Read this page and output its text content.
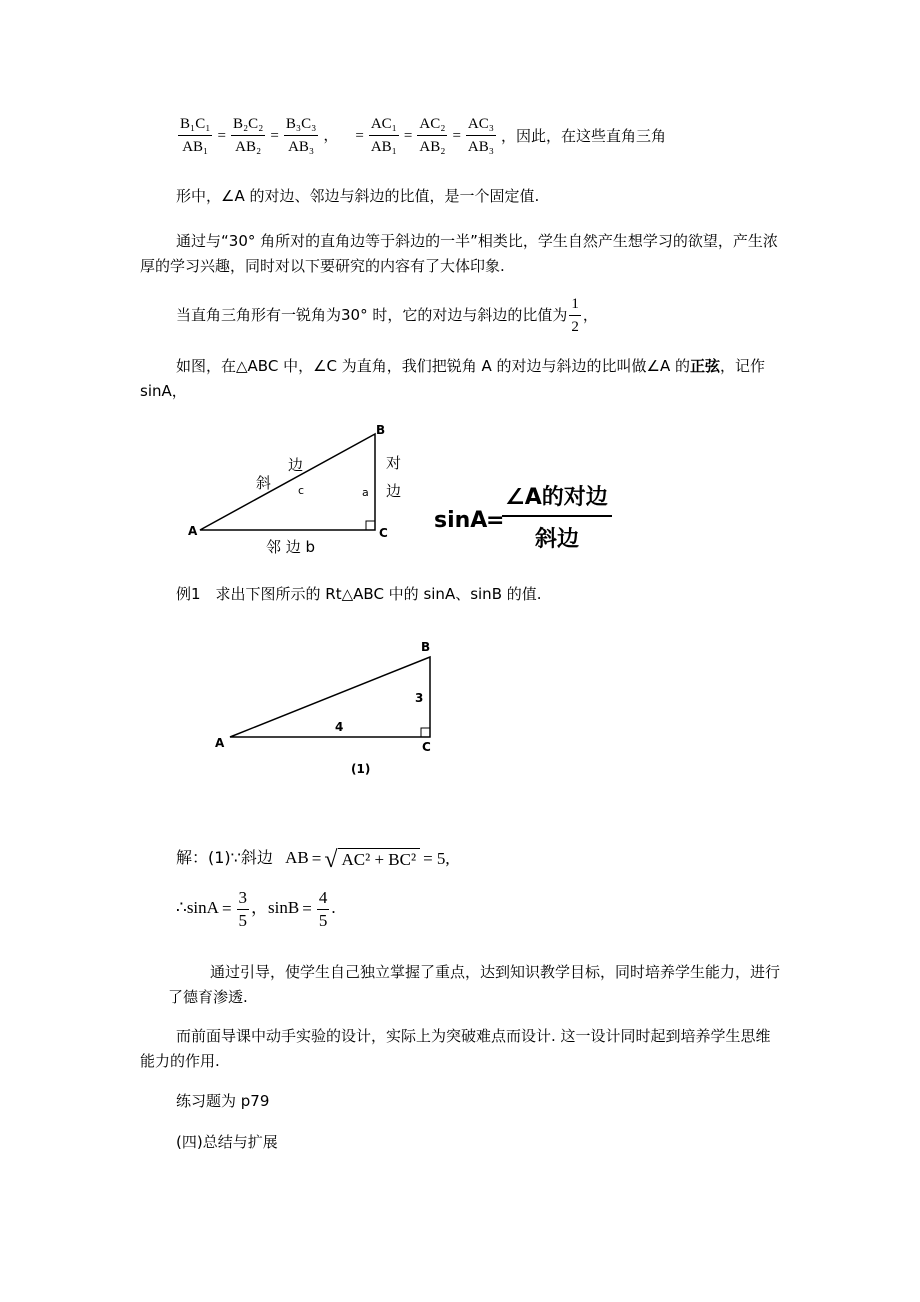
$\frac{\text{B₁C₁}}{\text{AB₁}} = \frac{\text{B₂C₂}}{\text{AB₂}} = \frac{\text{B₃C₃}}{\text{AB₃}}$ ， = $\frac{\text{AC₁}}{\text{AB₁}} = \frac{\text{AC₂}}{\text{AB₂}} = \frac{\text{AC₃}}{\text{AB₃}}$ ，因此，在这些直角三角

形中，∠A 的对边、邻边与斜边的比值，是一个固定值.

通过与“30° 角所对的直角边等于斜边的一半”相类比，学生自然产生想学习的欲望，产生浓厚的学习兴趣，同时对以下要研究的内容有了大体印象.

当直角三角形有一锐角为30° 时，它的对边与斜边的比值为 $\frac{1}{2}$ ，

如图，在△ABC 中，∠C 为直角，我们把锐角 A 的对边与斜边的比叫做∠A 的正弦，记作 sinA，

A
B
C
斜
边
c
对
边
a
邻 边 b
sinA
=
∠A的对边
斜边

例1　求出下图所示的 Rt△ABC 中的 sinA、sinB 的值.

A
B
C
4
3
(1)
解：(1)∵斜边 AB = √ AC² + BC² = 5,
∴sinA = $\frac{3}{5}$ ，$\sin B = \frac{4}{5}$ .

通过引导，使学生自己独立掌握了重点，达到知识教学目标，同时培养学生能力，进行了德育渗透.

而前面导课中动手实验的设计，实际上为突破难点而设计. 这一设计同时起到培养学生思维能力的作用.

练习题为 p79

(四)总结与扩展
